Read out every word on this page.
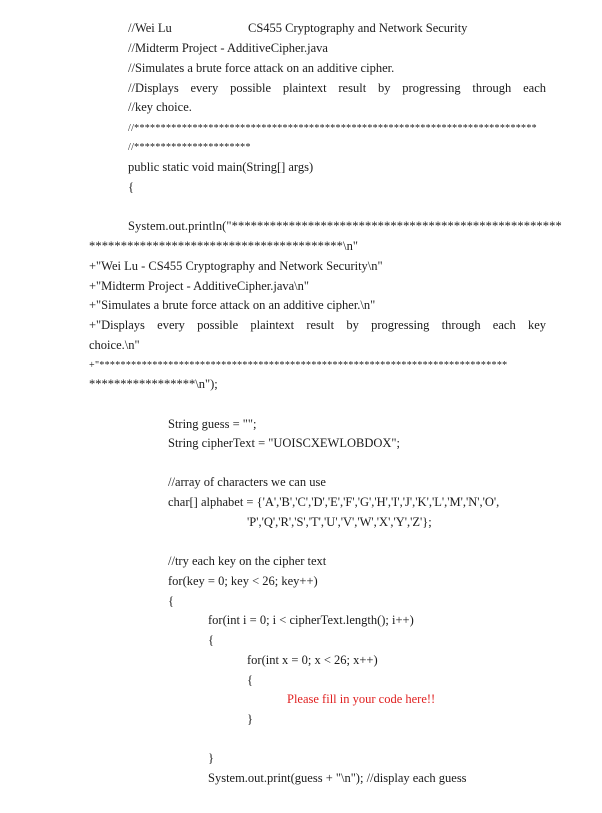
//Wei Lu	CS455 Cryptography and Network Security
//Midterm Project - AdditiveCipher.java
//Simulates a brute force attack on an additive cipher.
//Displays every possible plaintext result by progressing through each
//key choice.
//****************************************************************************
//**********************
public static void main(String[] args)
{
System.out.println("****************************************************
****************************************\n"
+"Wei Lu - CS455 Cryptography and Network Security\n"
+"Midterm Project - AdditiveCipher.java\n"
+"Simulates a brute force attack on an additive cipher.\n"
+"Displays every possible plaintext result by progressing through each key
choice.\n"
+"*****************************************************************************
*****************\n");
String guess = "";
String cipherText = "UOISCXEWLOBDOX";
//array of characters we can use
char[] alphabet = {'A','B','C','D','E','F','G','H','I','J','K','L','M','N','O',
'P','Q','R','S','T','U','V','W','X','Y','Z'};
//try each key on the cipher text
for(key = 0; key < 26; key++)
{
for(int i = 0; i < cipherText.length(); i++)
{
for(int x = 0; x < 26; x++)
{
Please fill in your code here!!
}
}
System.out.print(guess + "\n"); //display each guess
